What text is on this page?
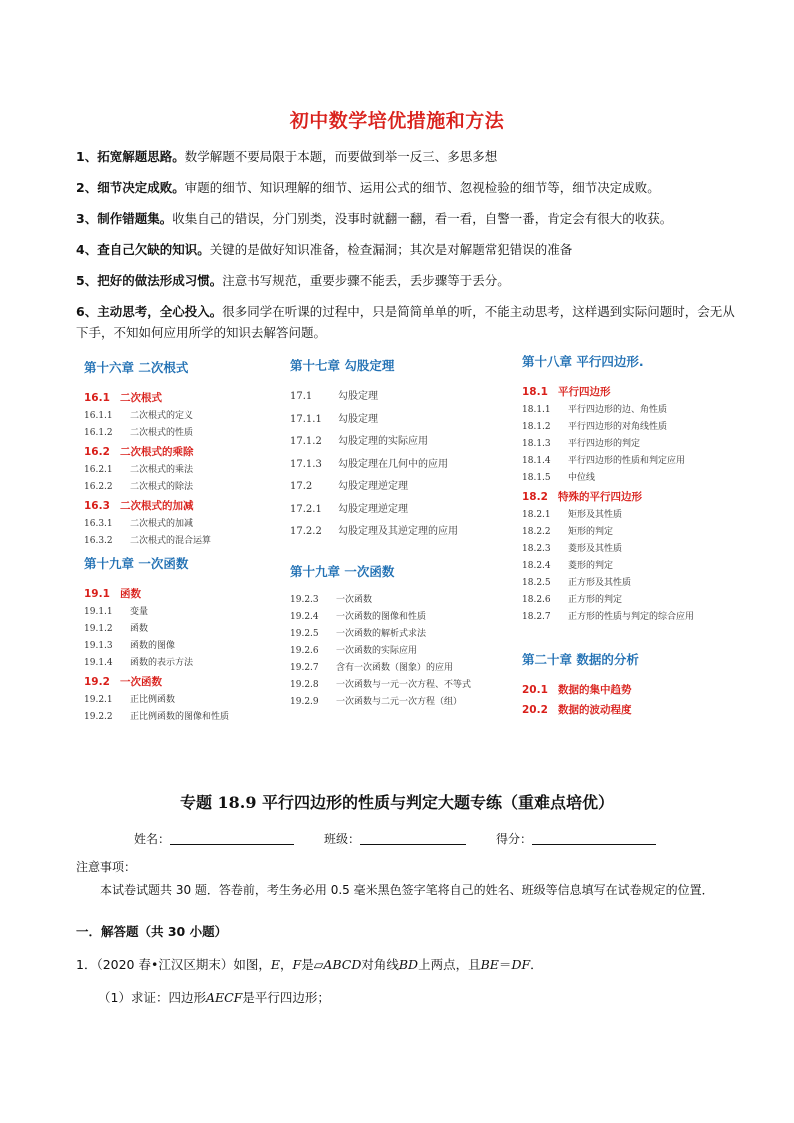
初中数学培优措施和方法
1、拓宽解题思路。数学解题不要局限于本题，而要做到举一反三、多思多想
2、细节决定成败。审题的细节、知识理解的细节、运用公式的细节、忽视检验的细节等，细节决定成败。
3、制作错题集。收集自己的错误，分门别类，没事时就翻一翻，看一看，自警一番，肯定会有很大的收获。
4、查自己欠缺的知识。关键的是做好知识准备，检查漏洞；其次是对解题常犯错误的准备
5、把好的做法形成习惯。注意书写规范，重要步骤不能丢，丢步骤等于丢分。
6、主动思考，全心投入。很多同学在听课的过程中，只是简简单单的听，不能主动思考，这样遇到实际问题时，会无从下手，不知如何应用所学的知识去解答问题。
第十六章 二次根式
16.1 二次根式
16.1.1	二次根式的定义
16.1.2	二次根式的性质
16.2 二次根式的乘除
16.2.1	二次根式的乘法
16.2.2	二次根式的除法
16.3 二次根式的加减
16.3.1	二次根式的加减
16.3.2	二次根式的混合运算
第十九章 一次函数
19.1 函数
19.1.1	变量
19.1.2	函数
19.1.3	函数的图像
19.1.4	函数的表示方法
19.2 一次函数
19.2.1	正比例函数
19.2.2	正比例函数的图像和性质
第十七章 勾股定理
17.1	勾股定理
17.1.1	勾股定理
17.1.2	勾股定理的实际应用
17.1.3	勾股定理在几何中的应用
17.2	勾股定理逆定理
17.2.1	勾股定理逆定理
17.2.2	勾股定理及其逆定理的应用
第十九章 一次函数
19.2.3	一次函数
19.2.4	一次函数的图像和性质
19.2.5	一次函数的解析式求法
19.2.6	一次函数的实际应用
19.2.7	含有一次函数（图象）的应用
19.2.8	一次函数与一元一次方程、不等式
19.2.9	一次函数与二元一次方程（组）
第十八章 平行四边形.
18.1 平行四边形
18.1.1	平行四边形的边、角性质
18.1.2	平行四边形的对角线性质
18.1.3	平行四边形的判定
18.1.4	平行四边形的性质和判定应用
18.1.5	中位线
18.2 特殊的平行四边形
18.2.1	矩形及其性质
18.2.2	矩形的判定
18.2.3	菱形及其性质
18.2.4	菱形的判定
18.2.5	正方形及其性质
18.2.6	正方形的判定
18.2.7	正方形的性质与判定的综合应用
第二十章 数据的分析
20.1 数据的集中趋势
20.2 数据的波动程度
专题 18.9 平行四边形的性质与判定大题专练（重难点培优）
姓名：	班级：	得分：
注意事项：
本试卷试题共 30 题．答卷前，考生务必用 0.5 毫米黑色签字笔将自己的姓名、班级等信息填写在试卷规定的位置．
一．解答题（共 30 小题）
1．（2020 春•江汉区期末）如图，E，F是▱ABCD对角线BD上两点，且BE＝DF．
（1）求证：四边形AECF是平行四边形；
